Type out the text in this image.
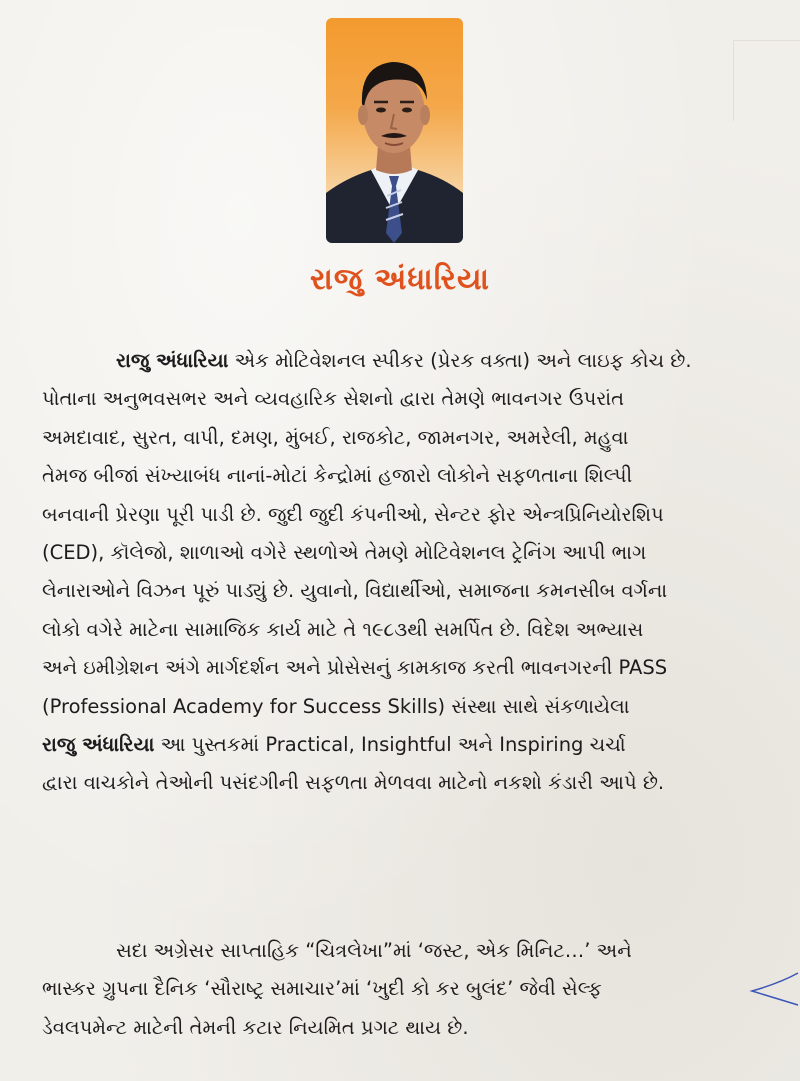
રાજુ અંધારિયા
રાજુ અંધારિયા એક મોટિવેશનલ સ્પીકર (પ્રેરક વક્તા) અને લાઇફ કોચ છે.
પોતાના અનુભવસભર અને વ્યવહારિક સેશનો દ્વારા તેમણે ભાવનગર ઉપરાંત
અમદાવાદ, સુરત, વાપી, દમણ, મુંબઈ, રાજકોટ, જામનગર, અમરેલી, મહુવા
તેમજ બીજાં સંખ્યાબંધ નાનાં-મોટાં કેન્દ્રોમાં હજારો લોકોને સફળતાના શિલ્પી
બનવાની પ્રેરણા પૂરી પાડી છે. જુદી જુદી કંપનીઓ, સેન્ટર ફોર એન્ત્રપ્રિનિયોરશિપ
(CED), કૉલેજો, શાળાઓ વગેરે સ્થળોએ તેમણે મોટિવેશનલ ટ્રેનિંગ આપી ભાગ
લેનારાઓને વિઝન પૂરું પાડ્યું છે. યુવાનો, વિદ્યાર્થીઓ, સમાજના કમનસીબ વર્ગના
લોકો વગેરે માટેના સામાજિક કાર્ય માટે તે ૧૯૮૩થી સમર્પિત છે. વિદેશ અભ્યાસ
અને ઇમીગ્રેશન અંગે માર્ગદર્શન અને પ્રોસેસનું કામકાજ કરતી ભાવનગરની PASS
(Professional Academy for Success Skills) સંસ્થા સાથે સંકળાયેલા
રાજુ અંધારિયા આ પુસ્તકમાં Practical, Insightful અને Inspiring ચર્ચા
દ્વારા વાચકોને તેઓની પસંદગીની સફળતા મેળવવા માટેનો નકશો કંડારી આપે છે.
સદા અગ્રેસર સાપ્તાહિક “ચિત્રલેખા”માં ‘જસ્ટ, એક મિનિટ…’ અને
ભાસ્કર ગ્રુપના દૈનિક ‘સૌરાષ્ટ્ર સમાચાર’માં ‘ખુદી કો કર બુલંદ’ જેવી સેલ્ફ
ડેવલપમેન્ટ માટેની તેમની કટાર નિયમિત પ્રગટ થાય છે.
